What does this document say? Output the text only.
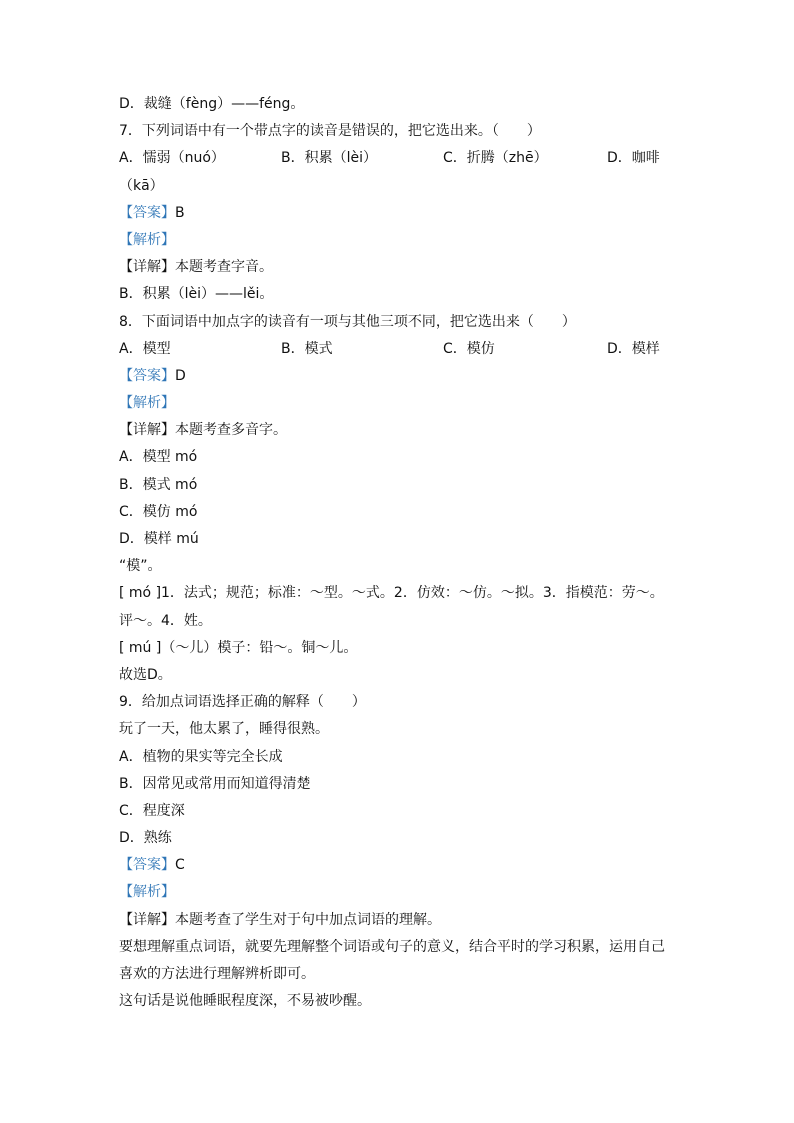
D．裁缝（fèng）——féng。
7．下列词语中有一个带点字的读音是错误的，把它选出来。（　　）
A．懦弱（nuó）	B．积累（lèi）	C．折腾（zhē）	D．咖啡
（kā）
【答案】B
【解析】
【详解】本题考查字音。
B．积累（lèi）——lěi。
8．下面词语中加点字的读音有一项与其他三项不同，把它选出来（　　）
A．模型	B．模式	C．模仿	D．模样
【答案】D
【解析】
【详解】本题考查多音字。
A．模型 mó
B．模式 mó
C．模仿 mó
D．模样 mú
“模”。
[ mó ]1．法式；规范；标准：～型。～式。2．仿效：～仿。～拟。3．指模范：劳～。
评～。4．姓。
[ mú ]（～儿）模子：铅～。铜～儿。
故选D。
9．给加点词语选择正确的解释（　　）
玩了一天，他太累了，睡得很熟。
A．植物的果实等完全长成
B．因常见或常用而知道得清楚
C．程度深
D．熟练
【答案】C
【解析】
【详解】本题考查了学生对于句中加点词语的理解。
要想理解重点词语，就要先理解整个词语或句子的意义，结合平时的学习积累，运用自己
喜欢的方法进行理解辨析即可。
这句话是说他睡眠程度深，不易被吵醒。
